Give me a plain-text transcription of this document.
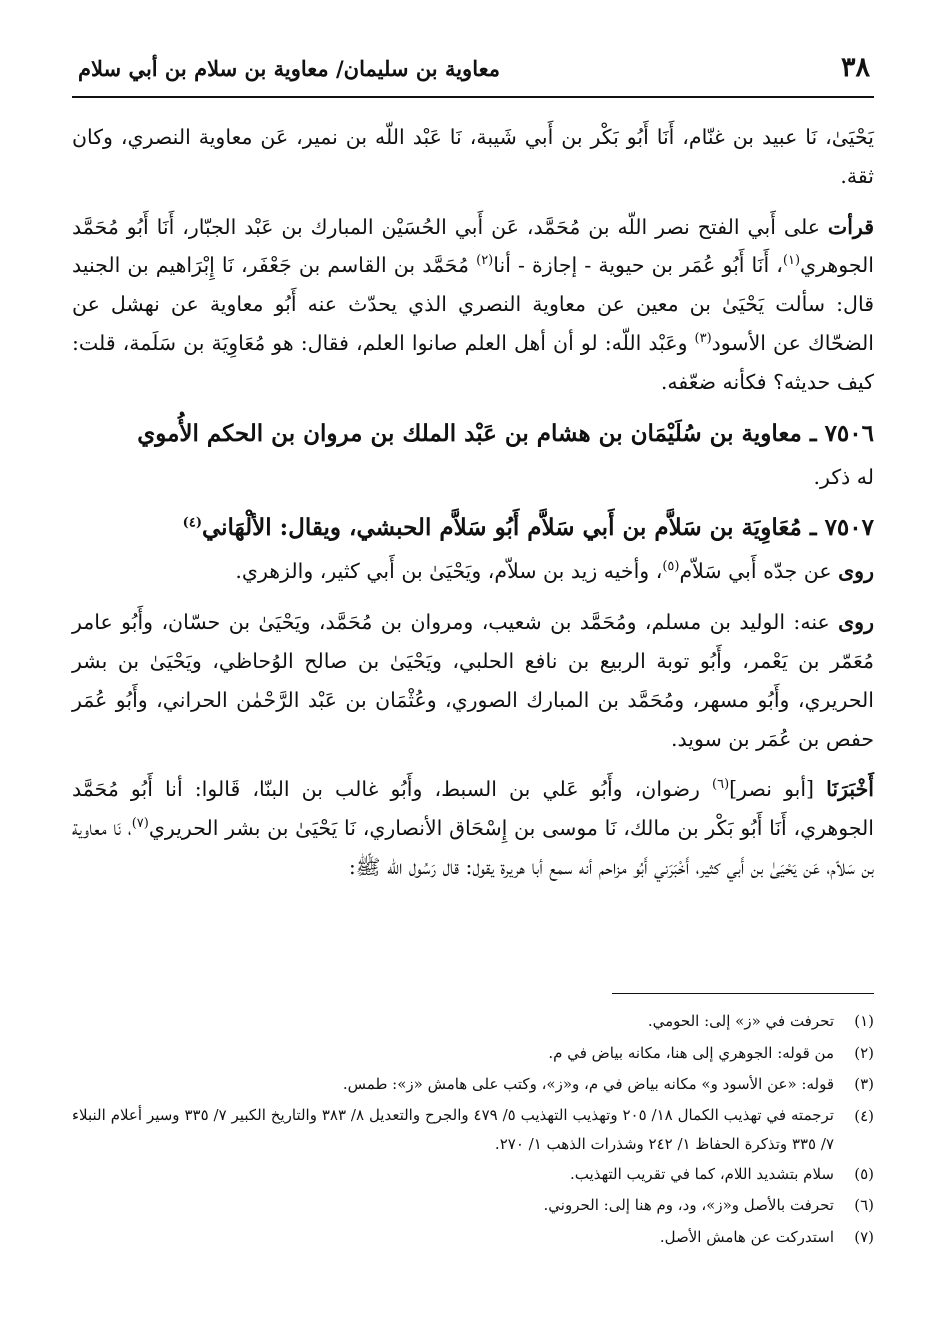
٣٨
معاوية بن سليمان/ معاوية بن سلام بن أبي سلام

يَحْيَىٰ، نَا عبيد بن غنّام، أَنَا أَبُو بَكْر بن أَبي شَيبة، نَا عَبْد اللّه بن نمير، عَن معاوية النصري، وكان ثقة.

قرأت على أَبي الفتح نصر اللّه بن مُحَمَّد، عَن أَبي الحُسَيْن المبارك بن عَبْد الجبّار، أَنَا أَبُو مُحَمَّد الجوهري$^{(١)}$، أَنَا أَبُو عُمَر بن حيوية - إجازة - أنا$^{(٢)}$ مُحَمَّد بن القاسم بن جَعْفَر، نَا إِبْرَاهيم بن الجنيد قال: سألت يَحْيَىٰ بن معين عن معاوية النصري الذي يحدّث عنه أَبُو معاوية عن نهشل عن الضحّاك عن الأسود$^{(٣)}$ وعَبْد اللّه: لو أن أهل العلم صانوا العلم، فقال: هو مُعَاوِيَة بن سَلَمة، قلت: كيف حديثه؟ فكأنه ضعّفه.

٧٥٠٦ ـ معاوية بن سُلَيْمَان بن هشام بن عَبْد الملك بن مروان بن الحكم الأُموي

له ذكر.

٧٥٠٧ ـ مُعَاوِيَة بن سَلاَّم بن أَبي سَلاَّم أَبُو سَلاَّم الحبشي، ويقال: الألْهَاني$^{(٤)}$

روى عن جدّه أَبي سَلاّم$^{(٥)}$، وأخيه زيد بن سلاّم، ويَحْيَىٰ بن أَبي كثير، والزهري.

روى عنه: الوليد بن مسلم، ومُحَمَّد بن شعيب، ومروان بن مُحَمَّد، ويَحْيَىٰ بن حسّان، وأَبُو عامر مُعَمّر بن يَعْمر، وأَبُو توبة الربيع بن نافع الحلبي، ويَحْيَىٰ بن صالح الوُحاظي، ويَحْيَىٰ بن بشر الحريري، وأَبُو مسهر، ومُحَمَّد بن المبارك الصوري، وعُثْمَان بن عَبْد الرَّحْمٰن الحراني، وأَبُو عُمَر حفص بن عُمَر بن سويد.

أَخْبَرَنَا [أبو نصر]$^{(٦)}$ رضوان، وأَبُو عَلي بن السبط، وأَبُو غالب بن البنّا، قَالوا: أنا أَبُو مُحَمَّد الجوهري، أَنَا أَبُو بَكْر بن مالك، نَا موسى بن إِسْحَاق الأنصاري، نَا يَحْيَىٰ بن بشر الحريري$^{(٧)}$، نَا معاوية بن سَلاّم، عَن يَحْيَىٰ بن أَبي كثير، أَخْبَرَني أَبُو مزاحم أنه سمع أبا هريرة يقول: قال رَسُول اللّه ﷺ:

(١)
تحرفت في «ز» إلى: الحومي.
(٢)
من قوله: الجوهري إلى هنا، مكانه بياض في م.
(٣)
قوله: «عن الأسود و» مكانه بياض في م، و«ز»، وكتب على هامش «ز»: طمس.
(٤)
ترجمته في تهذيب الكمال ١٨/ ٢٠٥ وتهذيب التهذيب ٥/ ٤٧٩ والجرح والتعديل ٨/ ٣٨٣ والتاريخ الكبير ٧/ ٣٣٥ وسير أعلام النبلاء ٧/ ٣٣٥ وتذكرة الحفاظ ١/ ٢٤٢ وشذرات الذهب ١/ ٢٧٠.
(٥)
سلام بتشديد اللام، كما في تقريب التهذيب.
(٦)
تحرفت بالأصل و«ز»، ود، وم هنا إلى: الحروني.
(٧)
استدركت عن هامش الأصل.
